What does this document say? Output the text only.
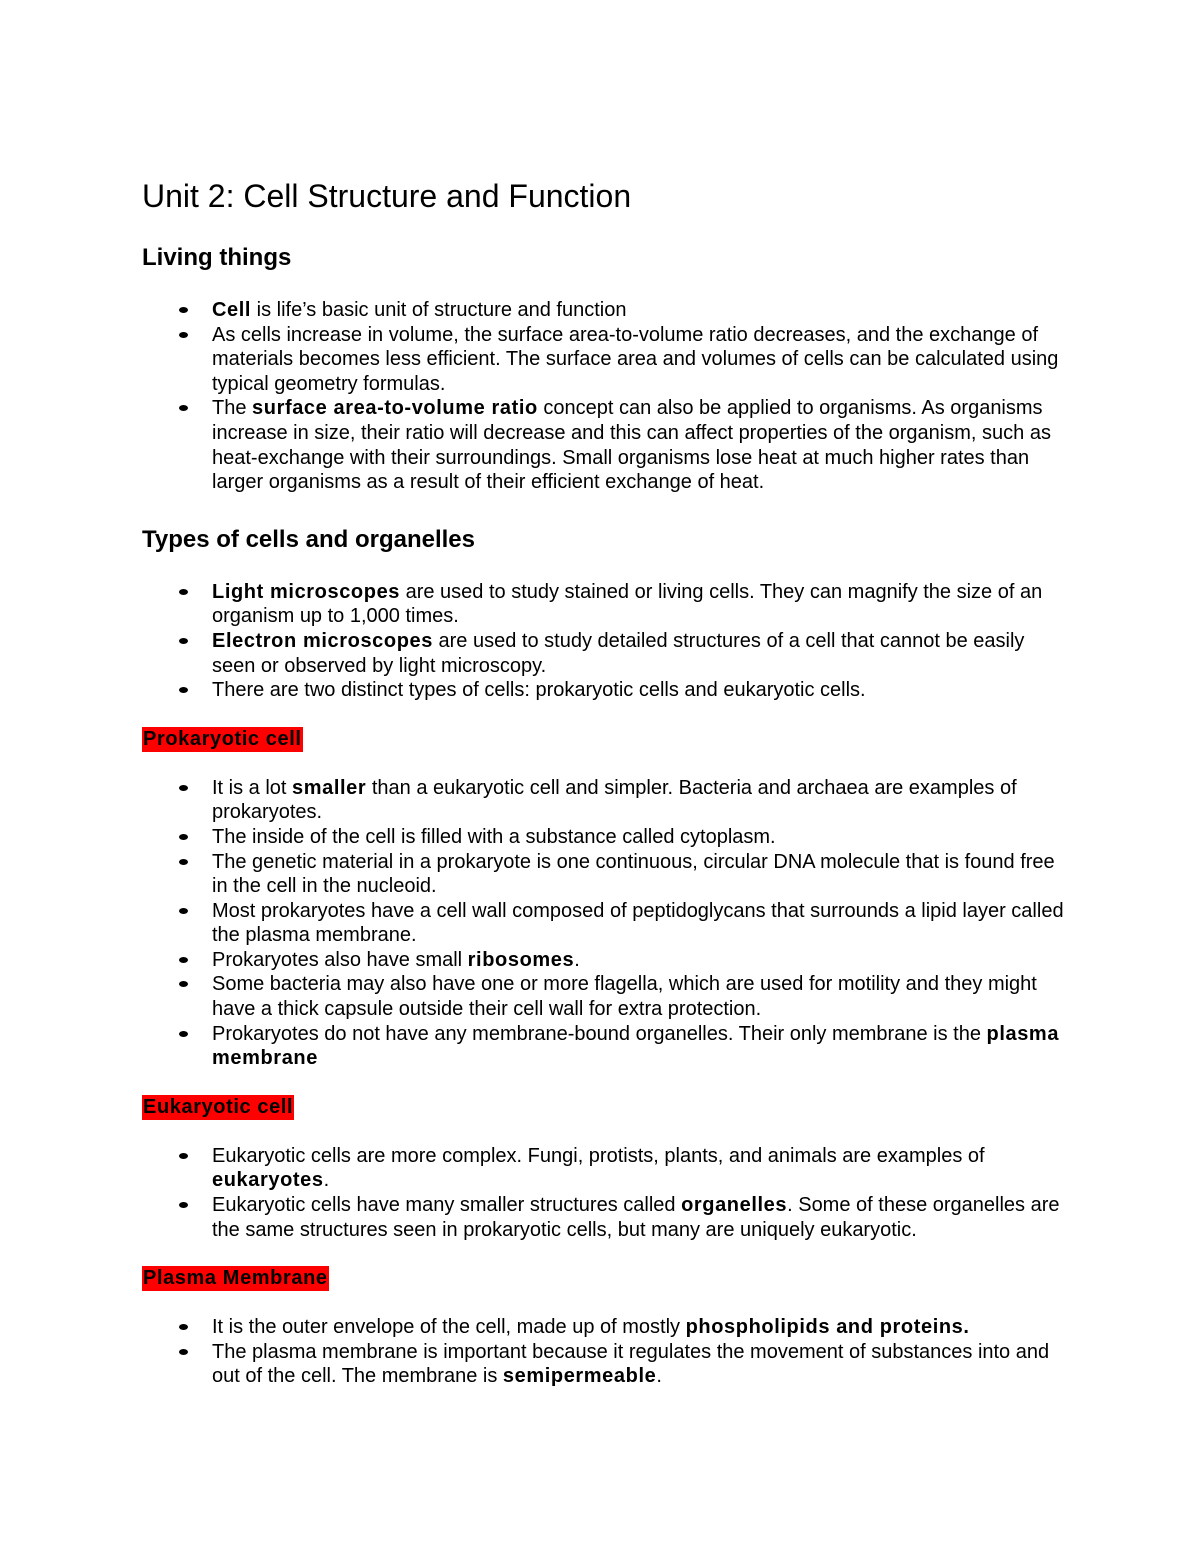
Unit 2: Cell Structure and Function
Living things
Cell is life’s basic unit of structure and function
As cells increase in volume, the surface area-to-volume ratio decreases, and the exchange of materials becomes less efficient. The surface area and volumes of cells can be calculated using typical geometry formulas.
The surface area-to-volume ratio concept can also be applied to organisms. As organisms increase in size, their ratio will decrease and this can affect properties of the organism, such as heat-exchange with their surroundings. Small organisms lose heat at much higher rates than larger organisms as a result of their efficient exchange of heat.
Types of cells and organelles
Light microscopes are used to study stained or living cells. They can magnify the size of an organism up to 1,000 times.
Electron microscopes are used to study detailed structures of a cell that cannot be easily seen or observed by light microscopy.
There are two distinct types of cells: prokaryotic cells and eukaryotic cells.
Prokaryotic cell
It is a lot smaller than a eukaryotic cell and simpler. Bacteria and archaea are examples of prokaryotes.
The inside of the cell is filled with a substance called cytoplasm.
The genetic material in a prokaryote is one continuous, circular DNA molecule that is found free in the cell in the nucleoid.
Most prokaryotes have a cell wall composed of peptidoglycans that surrounds a lipid layer called the plasma membrane.
Prokaryotes also have small ribosomes.
Some bacteria may also have one or more flagella, which are used for motility and they might have a thick capsule outside their cell wall for extra protection.
Prokaryotes do not have any membrane-bound organelles. Their only membrane is the plasma membrane
Eukaryotic cell
Eukaryotic cells are more complex. Fungi, protists, plants, and animals are examples of eukaryotes.
Eukaryotic cells have many smaller structures called organelles. Some of these organelles are the same structures seen in prokaryotic cells, but many are uniquely eukaryotic.
Plasma Membrane
It is the outer envelope of the cell, made up of mostly phospholipids and proteins.
The plasma membrane is important because it regulates the movement of substances into and out of the cell. The membrane is semipermeable.
